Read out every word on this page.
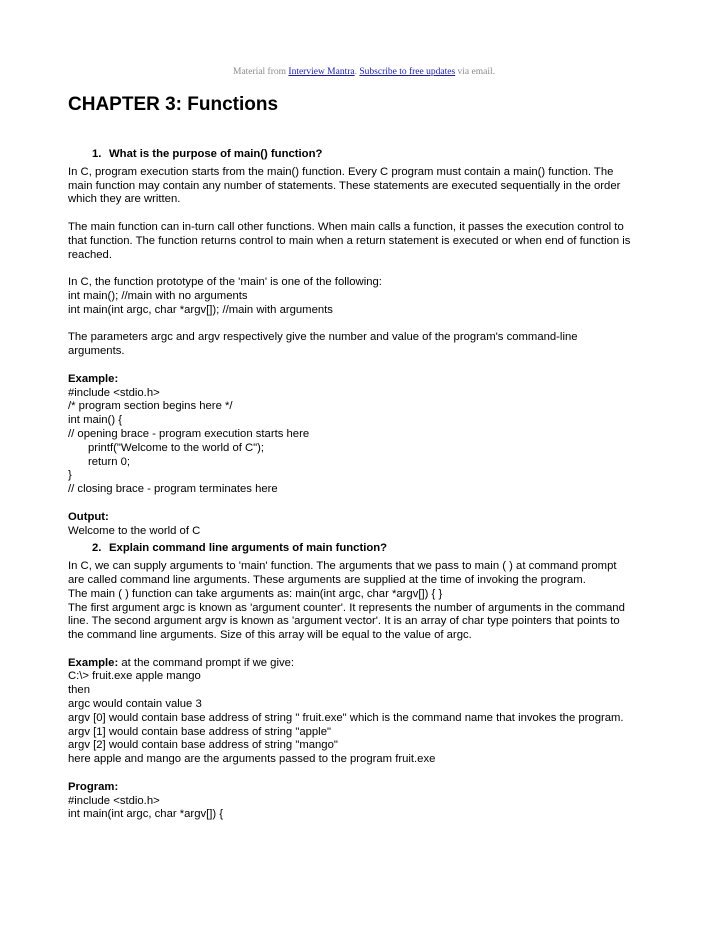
Material from Interview Mantra. Subscribe to free updates via email.
CHAPTER 3: Functions

1. What is the purpose of main() function?

In C, program execution starts from the main() function. Every C program must contain a main() function. The

main function may contain any number of statements. These statements are executed sequentially in the order

which they are written.

The main function can in-turn call other functions. When main calls a function, it passes the execution control to

that function. The function returns control to main when a return statement is executed or when end of function is

reached.

In C, the function prototype of the 'main' is one of the following:

int main(); //main with no arguments

int main(int argc, char *argv[]); //main with arguments

The parameters argc and argv respectively give the number and value of the program's command-line

arguments.

Example:

#include <stdio.h>

/* program section begins here */

int main() {

// opening brace - program execution starts here

printf("Welcome to the world of C");

return 0;

}

// closing brace - program terminates here

Output:

Welcome to the world of C

2. Explain command line arguments of main function?

In C, we can supply arguments to 'main' function. The arguments that we pass to main ( ) at command prompt

are called command line arguments. These arguments are supplied at the time of invoking the program.

The main ( ) function can take arguments as: main(int argc, char *argv[]) { }

The first argument argc is known as 'argument counter'. It represents the number of arguments in the command

line. The second argument argv is known as 'argument vector'. It is an array of char type pointers that points to

the command line arguments. Size of this array will be equal to the value of argc.

Example: at the command prompt if we give:

C:\> fruit.exe apple mango

then

argc would contain value 3

argv [0] would contain base address of string " fruit.exe" which is the command name that invokes the program.

argv [1] would contain base address of string "apple"

argv [2] would contain base address of string "mango"

here apple and mango are the arguments passed to the program fruit.exe

Program:

#include <stdio.h>

int main(int argc, char *argv[]) {
